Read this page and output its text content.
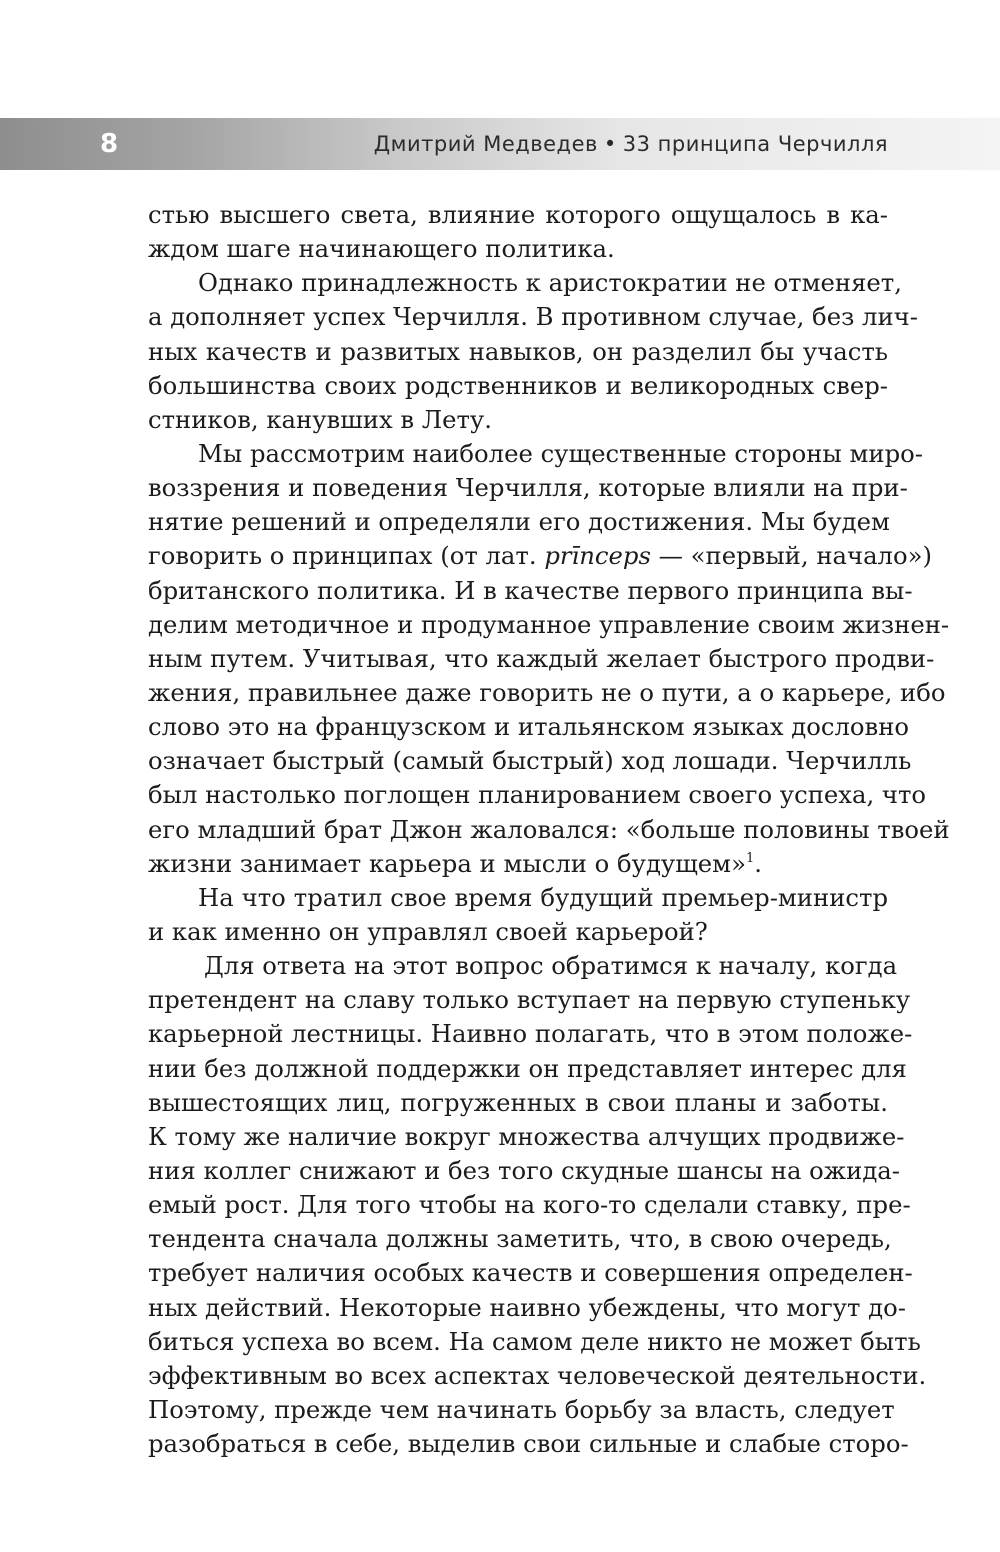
8	Дмитрий Медведев • 33 принципа Черчилля
стью высшего света, влияние которого ощущалось в ка-
ждом шаге начинающего политика.
Однако принадлежность к аристократии не отменяет,
а дополняет успех Черчилля. В противном случае, без лич-
ных качеств и развитых навыков, он разделил бы участь
большинства своих родственников и великородных свер-
стников, канувших в Лету.
Мы рассмотрим наиболее существенные стороны миро-
воззрения и поведения Черчилля, которые влияли на при-
нятие решений и определяли его достижения. Мы будем
говорить о принципах (от лат. prīnceps — «первый, начало»)
британского политика. И в качестве первого принципа вы-
делим методичное и продуманное управление своим жизнен-
ным путем. Учитывая, что каждый желает быстрого продви-
жения, правильнее даже говорить не о пути, а о карьере, ибо
слово это на французском и итальянском языках дословно
означает быстрый (самый быстрый) ход лошади. Черчилль
был настолько поглощен планированием своего успеха, что
его младший брат Джон жаловался: «больше половины твоей
жизни занимает карьера и мысли о будущем»$^1$.
На что тратил свое время будущий премьер-министр
и как именно он управлял своей карьерой?
Для ответа на этот вопрос обратимся к началу, когда
претендент на славу только вступает на первую ступеньку
карьерной лестницы. Наивно полагать, что в этом положе-
нии без должной поддержки он представляет интерес для
вышестоящих лиц, погруженных в свои планы и заботы.
К тому же наличие вокруг множества алчущих продвиже-
ния коллег снижают и без того скудные шансы на ожида-
емый рост. Для того чтобы на кого-то сделали ставку, пре-
тендента сначала должны заметить, что, в свою очередь,
требует наличия особых качеств и совершения определен-
ных действий. Некоторые наивно убеждены, что могут до-
биться успеха во всем. На самом деле никто не может быть
эффективным во всех аспектах человеческой деятельности.
Поэтому, прежде чем начинать борьбу за власть, следует
разобраться в себе, выделив свои сильные и слабые сторо-
